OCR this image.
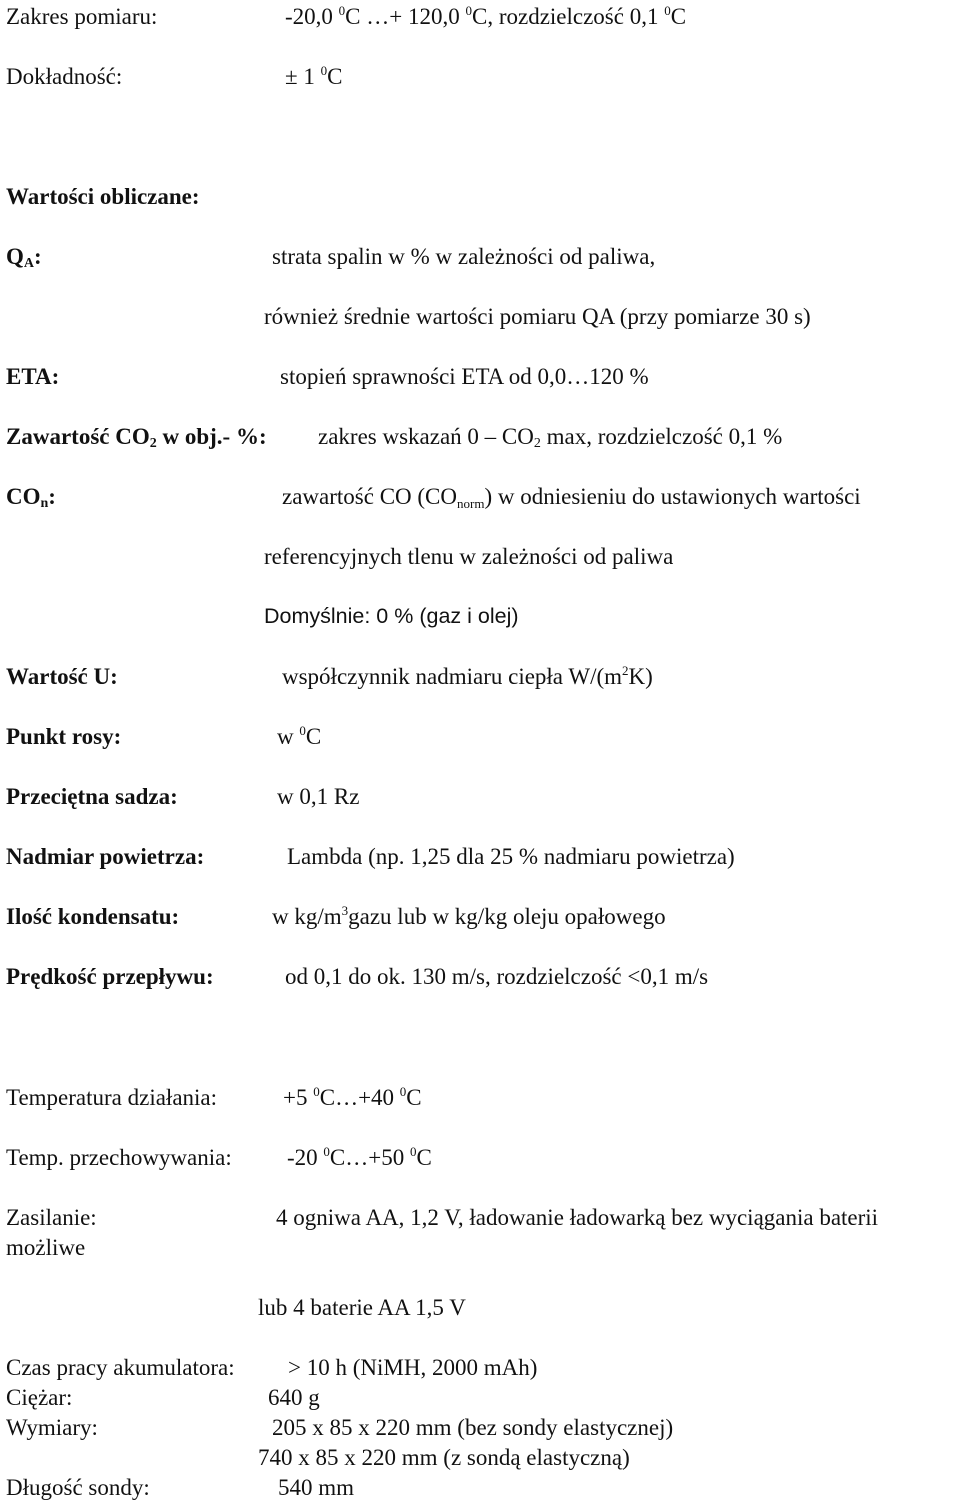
Zakres pomiaru:	-20,0 $^0$C …+ 120,0 $^0$C, rozdzielczość 0,1 $^0$C
Dokładność:	± 1 $^0$C
Wartości obliczane:
$Q_A$:	strata spalin w % w zależności od paliwa,
również średnie wartości pomiaru QA (przy pomiarze 30 s)
ETA:	stopień sprawności ETA od 0,0…120 %
Zawartość $CO_2$ w obj.- %: zakres wskazań $0 - CO_2$ max, rozdzielczość 0,1 %
$CO_n$:	zawartość CO $(CO_{norm})$ w odniesieniu do ustawionych wartości
referencyjnych tlenu w zależności od paliwa
Domyślnie: 0 % (gaz i olej)
Wartość U:	współczynnik nadmiaru ciepła $W/(m^2K)$
Punkt rosy:	w $^0$C
Przeciętna sadza:	w 0,1 Rz
Nadmiar powietrza:	Lambda (np. 1,25 dla 25 % nadmiaru powietrza)
Ilość kondensatu:	w $kg/m^3gazu$ lub w kg/kg oleju opałowego
Prędkość przepływu:	od 0,1 do ok. 130 m/s, rozdzielczość <0,1 m/s
Temperatura działania:	+5 $^0$C…+40 $^0$C
Temp. przechowywania: -20 $^0$C…+50 $^0$C
Zasilanie:	4 ogniwa AA, 1,2 V, ładowanie ładowarką bez wyciągania baterii
możliwe
lub 4 baterie AA 1,5 V
Czas pracy akumulatora: > 10 h (NiMH, 2000 mAh)
Ciężar:	640 g
Wymiary:	205 x 85 x 220 mm (bez sondy elastycznej)
740 x 85 x 220 mm (z sondą elastyczną)
Długość sondy:	540 mm
